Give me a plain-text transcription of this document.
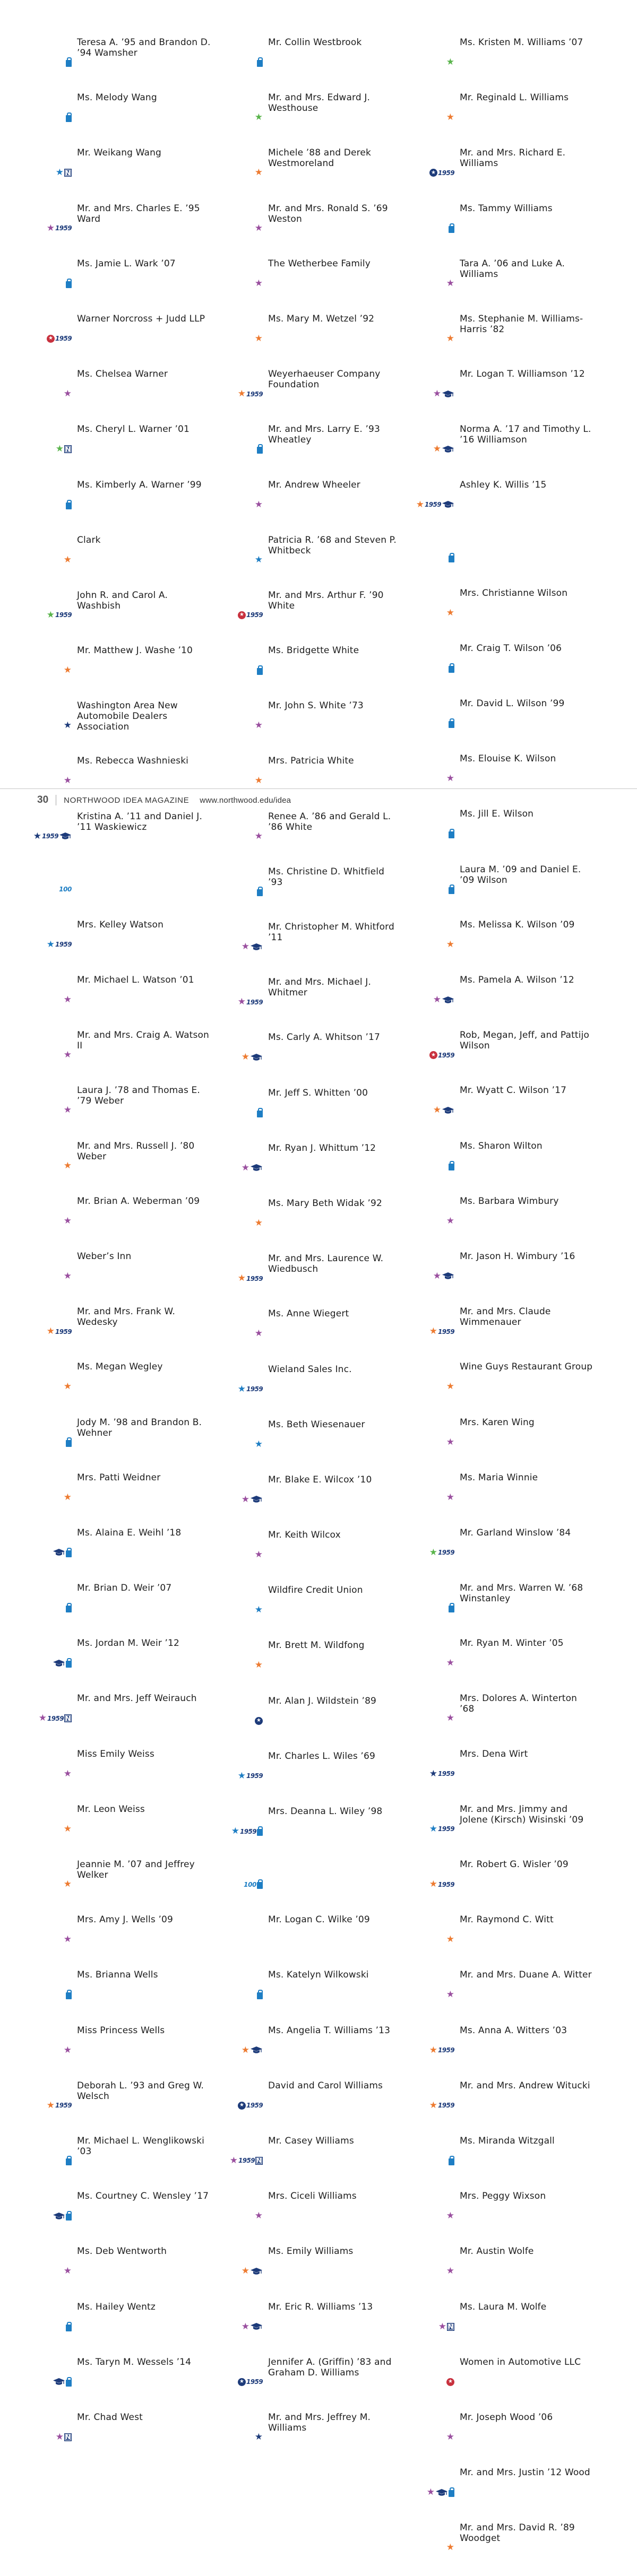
Teresa A. ’95 and Brandon D. ’94 Wamsher
Ms. Melody Wang
★ N
Mr. Weikang Wang
★ 1959
Mr. and Mrs. Charles E. ’95 Ward
Ms. Jamie L. Wark ’07
★ 1959
Warner Norcross + Judd LLP
★
Ms. Chelsea Warner
★ N
Ms. Cheryl L. Warner ’01
Ms. Kimberly A. Warner ’99
★
Clark
★ 1959
John R. and Carol A. Washbish
★
Mr. Matthew J. Washe ’10
★
Washington Area New Automobile Dealers Association
★
Ms. Rebecca Washnieski
★ 1959
100
Kristina A. ’11 and Daniel J. ’11 Waskiewicz
★ 1959
Mrs. Kelley Watson
★
Mr. Michael L. Watson ’01
★
Mr. and Mrs. Craig A. Watson II
★
Laura J. ’78 and Thomas E. ’79 Weber
★
Mr. and Mrs. Russell J. ’80 Weber
★
Mr. Brian A. Weberman ’09
★
Weber’s Inn
★ 1959
Mr. and Mrs. Frank W. Wedesky
★
Ms. Megan Wegley
Jody M. ’98 and Brandon B. Wehner
★
Mrs. Patti Weidner
Ms. Alaina E. Weihl ’18
Mr. Brian D. Weir ’07
Ms. Jordan M. Weir ’12
★ 1959 N
Mr. and Mrs. Jeff Weirauch
★
Miss Emily Weiss
★
Mr. Leon Weiss
★
Jeannie M. ’07 and Jeffrey Welker
★
Mrs. Amy J. Wells ’09
Ms. Brianna Wells
★
Miss Princess Wells
★ 1959
Deborah L. ’93 and Greg W. Welsch
Mr. Michael L. Wenglikowski ’03
Ms. Courtney C. Wensley ’17
★
Ms. Deb Wentworth
Ms. Hailey Wentz
Ms. Taryn M. Wessels ’14
★ N
Mr. Chad West
Mr. Collin Westbrook
★
Mr. and Mrs. Edward J. Westhouse
★
Michele ’88 and Derek Westmoreland
★
Mr. and Mrs. Ronald S. ’69 Weston
★
The Wetherbee Family
★
Ms. Mary M. Wetzel ’92
★ 1959
Weyerhaeuser Company Foundation
Mr. and Mrs. Larry E. ’93 Wheatley
★
Mr. Andrew Wheeler
★
Patricia R. ’68 and Steven P. Whitbeck
★ 1959
Mr. and Mrs. Arthur F. ’90 White
Ms. Bridgette White
★
Mr. John S. White ’73
★
Mrs. Patricia White
★
Renee A. ’86 and Gerald L. ’86 White
Ms. Christine D. Whitfield ’93
★
Mr. Christopher M. Whitford ’11
★ 1959
Mr. and Mrs. Michael J. Whitmer
★
Ms. Carly A. Whitson ’17
Mr. Jeff S. Whitten ’00
★
Mr. Ryan J. Whittum ’12
★
Ms. Mary Beth Widak ’92
★ 1959
Mr. and Mrs. Laurence W. Wiedbusch
★
Ms. Anne Wiegert
★ 1959
Wieland Sales Inc.
★
Ms. Beth Wiesenauer
★
Mr. Blake E. Wilcox ’10
★
Mr. Keith Wilcox
★
Wildfire Credit Union
★
Mr. Brett M. Wildfong
★
Mr. Alan J. Wildstein ’89
★ 1959
Mr. Charles L. Wiles ’69
★ 1959
100
Mrs. Deanna L. Wiley ’98
Mr. Logan C. Wilke ’09
Ms. Katelyn Wilkowski
★
Ms. Angelia T. Williams ’13
★ 1959
David and Carol Williams
★ 1959 N
Mr. Casey Williams
★
Mrs. Ciceli Williams
★
Ms. Emily Williams
★
Mr. Eric R. Williams ’13
★ 1959
Jennifer A. (Griffin) ’83 and Graham D. Williams
★
Mr. and Mrs. Jeffrey M. Williams
★
Ms. Kristen M. Williams ’07
★
Mr. Reginald L. Williams
★ 1959
Mr. and Mrs. Richard E. Williams
Ms. Tammy Williams
★
Tara A. ’06 and Luke A. Williams
★
Ms. Stephanie M. Williams-Harris ’82
★
Mr. Logan T. Williamson ’12
★
Norma A. ’17 and Timothy L. ’16 Williamson
★ 1959
Ashley K. Willis ’15
★
Mrs. Christianne Wilson
Mr. Craig T. Wilson ’06
Mr. David L. Wilson ’99
★
Ms. Elouise K. Wilson
Ms. Jill E. Wilson
Laura M. ’09 and Daniel E. ’09 Wilson
★
Ms. Melissa K. Wilson ’09
★
Ms. Pamela A. Wilson ’12
★ 1959
Rob, Megan, Jeff, and Pattijo Wilson
★
Mr. Wyatt C. Wilson ’17
Ms. Sharon Wilton
★
Ms. Barbara Wimbury
★
Mr. Jason H. Wimbury ’16
★ 1959
Mr. and Mrs. Claude Wimmenauer
★
Wine Guys Restaurant Group
★
Mrs. Karen Wing
★
Ms. Maria Winnie
★ 1959
Mr. Garland Winslow ’84
Mr. and Mrs. Warren W. ’68 Winstanley
★
Mr. Ryan M. Winter ’05
★
Mrs. Dolores A. Winterton ’68
★ 1959
Mrs. Dena Wirt
★ 1959
Mr. and Mrs. Jimmy and Jolene (Kirsch) Wisinski ’09
★ 1959
Mr. Robert G. Wisler ’09
★
Mr. Raymond C. Witt
★
Mr. and Mrs. Duane A. Witter
★ 1959
Ms. Anna A. Witters ’03
★ 1959
Mr. and Mrs. Andrew Witucki
Ms. Miranda Witzgall
★
Mrs. Peggy Wixson
★
Mr. Austin Wolfe
★ N
Ms. Laura M. Wolfe
★
Women in Automotive LLC
★
Mr. Joseph Wood ’06
★
Mr. and Mrs. Justin ’12 Wood
★
Mr. and Mrs. David R. ’89 Woodget
30 NORTHWOOD IDEA MAGAZINE www.northwood.edu/idea
